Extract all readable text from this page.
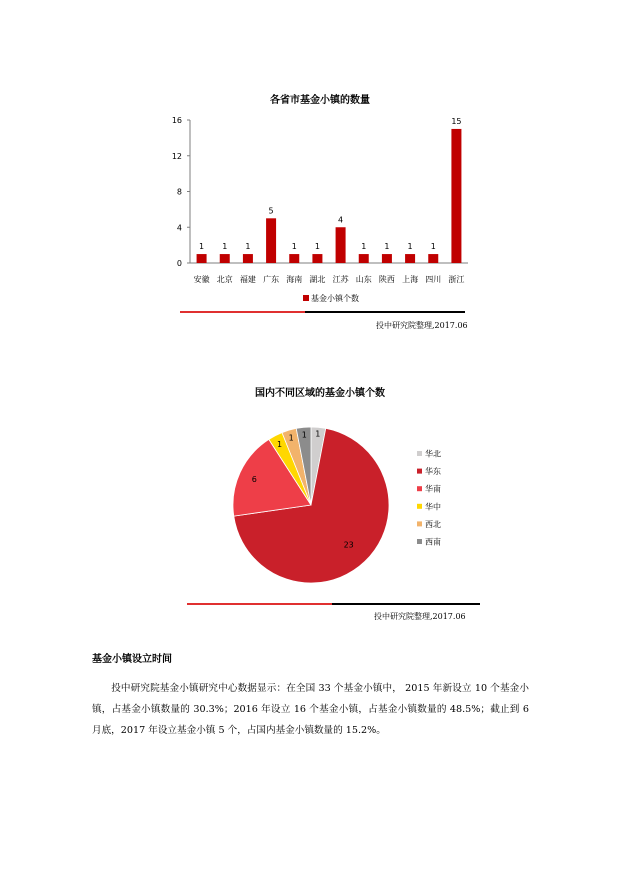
各省市基金小镇的数量
0
4
8
12
16
1
安徽
1
北京
1
福建
5
广东
1
海南
1
湖北
4
江苏
1
山东
1
陕西
1
上海
1
四川
15
浙江
基金小镇个数
投中研究院整理,2017.06
国内不同区域的基金小镇个数
1
23
6
1
1 1
华北
华东
华南
华中
西北
西南
投中研究院整理,2017.06
基金小镇设立时间
投中研究院基金小镇研究中心数据显示：在全国 33 个基金小镇中， 2015 年新设立 10 个基金小镇，占基金小镇数量的 30.3%；2016 年设立 16 个基金小镇，占基金小镇数量的 48.5%；截止到 6 月底，2017 年设立基金小镇 5 个，占国内基金小镇数量的 15.2%。
